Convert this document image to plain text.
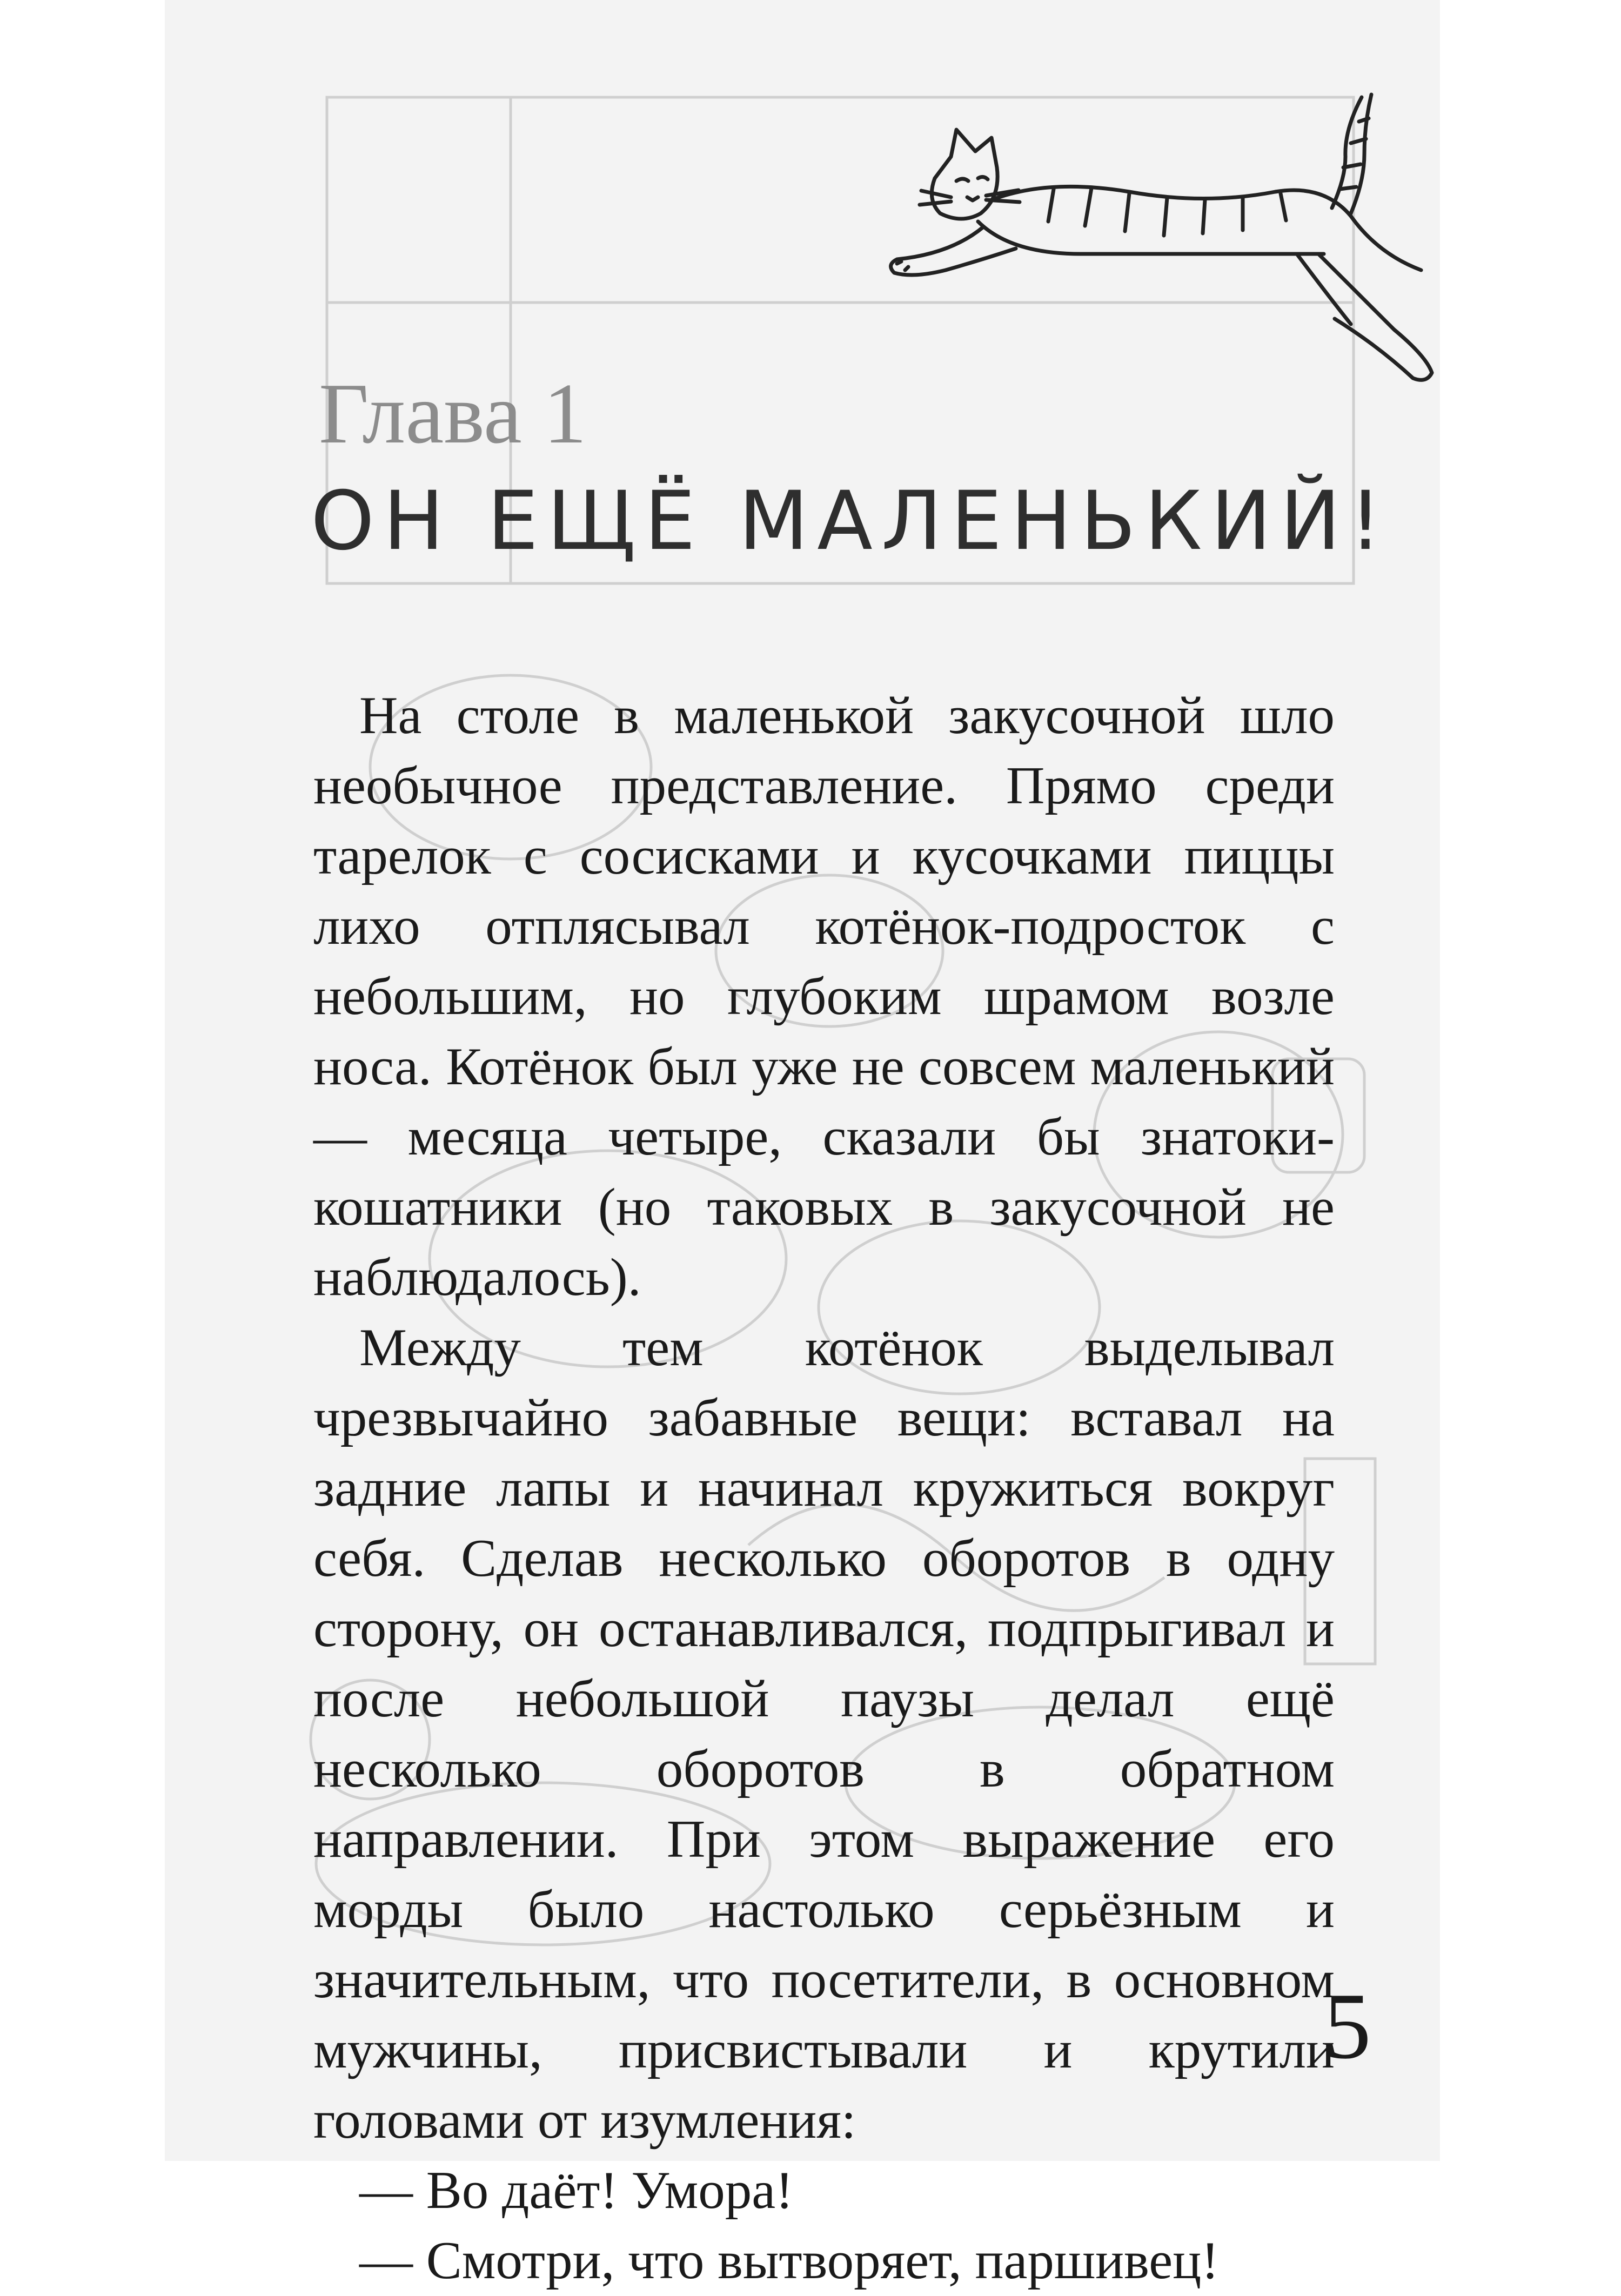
Глава 1
ОН ЕЩЁ МАЛЕНЬКИЙ!

На столе в маленькой закусочной шло необычное представление. Прямо среди тарелок с сосисками и кусочками пиццы лихо отплясывал котёнок-подросток с небольшим, но глубоким шрамом возле носа. Котёнок был уже не совсем маленький — месяца четыре, сказали бы знатоки-кошатники (но таковых в закусочной не наблюдалось).

Между тем котёнок выделывал чрезвычайно забавные вещи: вставал на задние лапы и начинал кружиться вокруг себя. Сделав несколько оборотов в одну сторону, он останавливался, подпрыгивал и после небольшой паузы делал ещё несколько оборотов в обратном направлении. При этом выражение его морды было настолько серьёзным и значительным, что посетители, в основном мужчины, присвистывали и крутили головами от изумления:

— Во даёт! Умора!

— Смотри, что вытворяет, паршивец!

5
